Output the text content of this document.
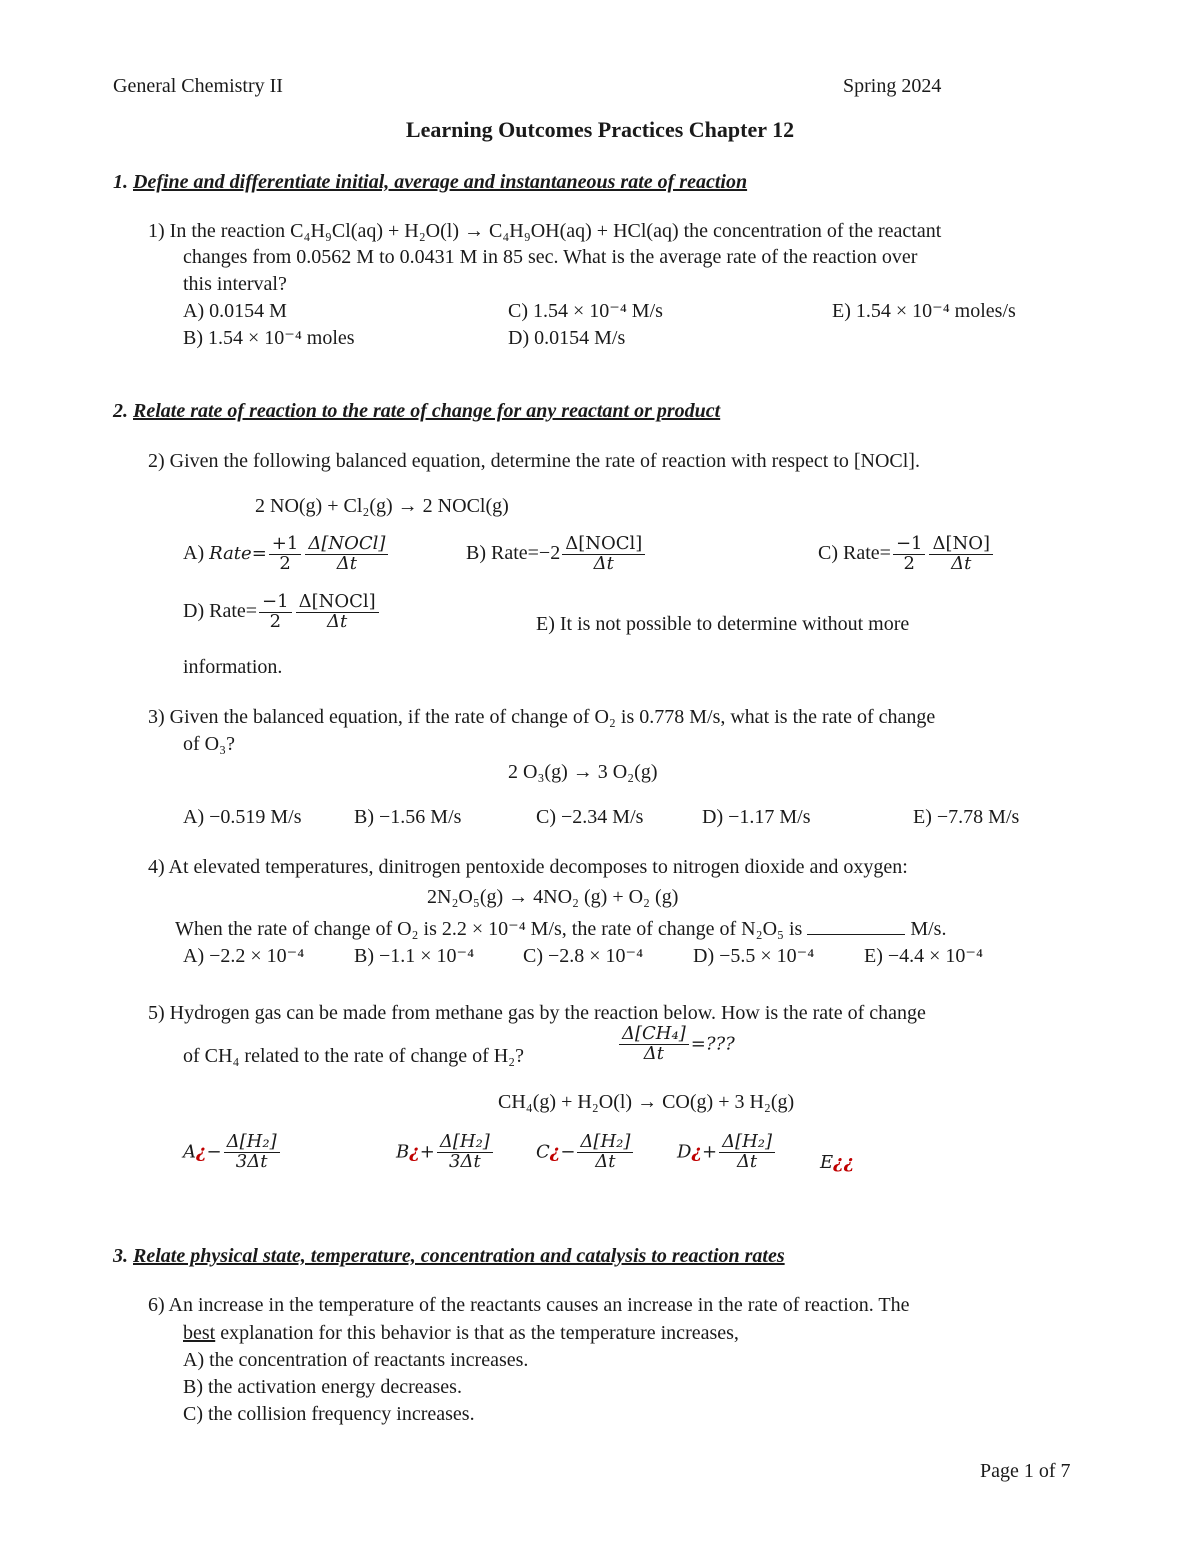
General Chemistry II	Spring 2024
Learning Outcomes Practices Chapter 12
1. Define and differentiate initial, average and instantaneous rate of reaction
1) In the reaction C₄H₉Cl(aq) + H₂O(l) → C₄H₉OH(aq) + HCl(aq) the concentration of the reactant
changes from 0.0562 M to 0.0431 M in 85 sec. What is the average rate of the reaction over
this interval?
A) 0.0154 M	C) 1.54 × 10⁻⁴ M/s	E) 1.54 × 10⁻⁴ moles/s
B) 1.54 × 10⁻⁴ moles	D) 0.0154 M/s
2. Relate rate of reaction to the rate of change for any reactant or product
2) Given the following balanced equation, determine the rate of reaction with respect to [NOCl].
2 NO(g) + Cl₂(g) → 2 NOCl(g)
A) Rate= $\frac{+1}{2} \frac{\text{Δ[NOCl]}}{\Delta t}$	B) Rate=−2 $\frac{\text{Δ[NOCl]}}{\Delta t}$	C) Rate= $\frac{-1}{2} \frac{\Delta[NO]}{\Delta t}$
D) Rate= $\frac{-1}{2} \frac{\text{Δ[NOCl]}}{\Delta t}$	E) It is not possible to determine without more
information.
3) Given the balanced equation, if the rate of change of O₂ is 0.778 M/s, what is the rate of change
of O₃?
2 O₃(g) → 3 O₂(g)
A) −0.519 M/s	B) −1.56 M/s	C) −2.34 M/s	D) −1.17 M/s	E) −7.78 M/s
4) At elevated temperatures, dinitrogen pentoxide decomposes to nitrogen dioxide and oxygen:
2N₂O₅(g) → 4NO₂ (g) + O₂ (g)
When the rate of change of O₂ is 2.2 × 10⁻⁴ M/s, the rate of change of N₂O₅ is	M/s.
A) −2.2 × 10⁻⁴ B) −1.1 × 10⁻⁴ C) −2.8 × 10⁻⁴ D) −5.5 × 10⁻⁴ E) −4.4 × 10⁻⁴
5) Hydrogen gas can be made from methane gas by the reaction below. How is the rate of change
of CH₄ related to the rate of change of H₂?	$\frac{\text{Δ[CH₄]}}{\Delta t}$ =???
CH₄(g) + H₂O(l) → CO(g) + 3 H₂(g)
A¿− $\frac{\text{Δ[H₂]}}{3\Delta t}$	B¿+ $\frac{\text{Δ[H₂]}}{3\Delta t}$ C¿− $\frac{\text{Δ[H₂]}}{\Delta t}$ D¿+ $\frac{\text{Δ[H₂]}}{\Delta t}$ E¿¿
3. Relate physical state, temperature, concentration and catalysis to reaction rates
6) An increase in the temperature of the reactants causes an increase in the rate of reaction. The
best explanation for this behavior is that as the temperature increases,
A) the concentration of reactants increases.
B) the activation energy decreases.
C) the collision frequency increases.
Page 1 of 7
